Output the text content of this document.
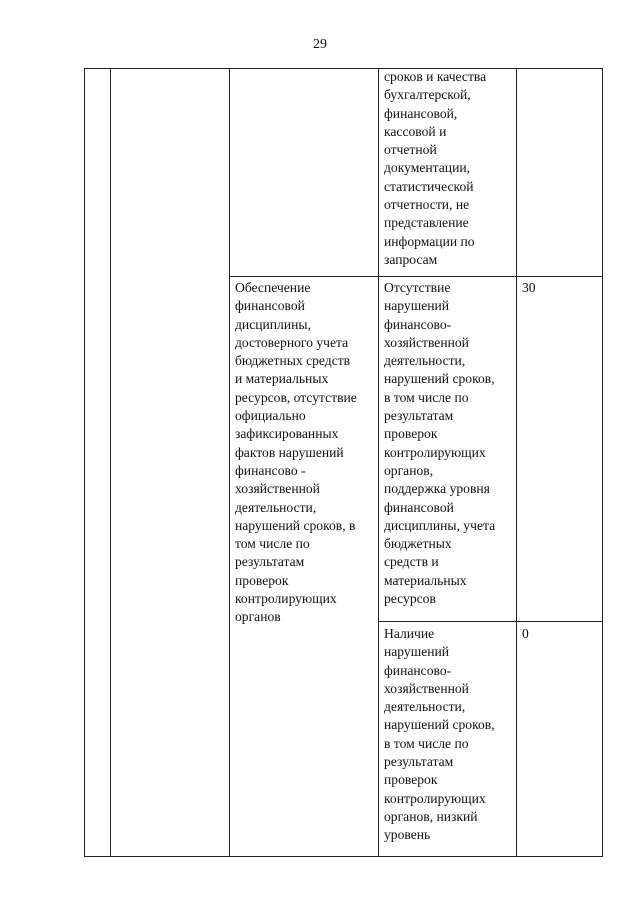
29
сроков и качества
бухгалтерской,
финансовой,
кассовой и
отчетной
документации,
статистической
отчетности, не
представление
информации по
запросам
Обеспечение
финансовой
дисциплины,
достоверного учета
бюджетных средств
и материальных
ресурсов, отсутствие
официально
зафиксированных
фактов нарушений
финансово -
хозяйственной
деятельности,
нарушений сроков, в
том числе по
результатам
проверок
контролирующих
органов
Отсутствие
нарушений
финансово-
хозяйственной
деятельности,
нарушений сроков,
в том числе по
результатам
проверок
контролирующих
органов,
поддержка уровня
финансовой
дисциплины, учета
бюджетных
средств и
материальных
ресурсов
30
Наличие
нарушений
финансово-
хозяйственной
деятельности,
нарушений сроков,
в том числе по
результатам
проверок
контролирующих
органов, низкий
уровень
0
